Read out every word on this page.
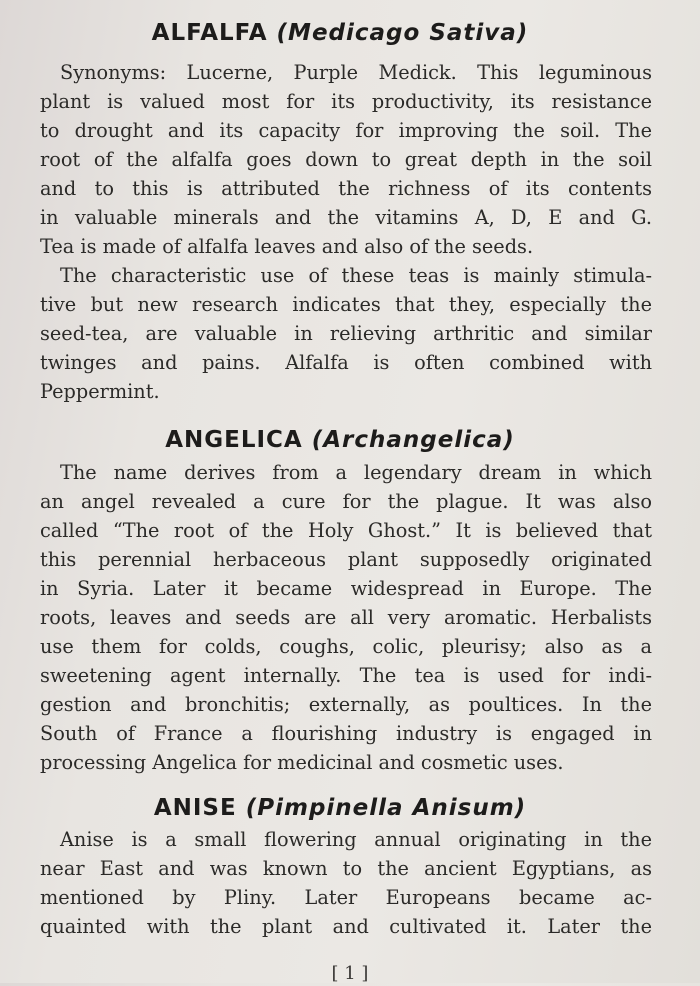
ALFALFA (Medicago Sativa)
Synonyms: Lucerne, Purple Medick. This leguminous
plant is valued most for its productivity, its resistance
to drought and its capacity for improving the soil. The
root of the alfalfa goes down to great depth in the soil
and to this is attributed the richness of its contents
in valuable minerals and the vitamins A, D, E and G.
Tea is made of alfalfa leaves and also of the seeds.
The characteristic use of these teas is mainly stimula-
tive but new research indicates that they, especially the
seed-tea, are valuable in relieving arthritic and similar
twinges and pains. Alfalfa is often combined with
Peppermint.
ANGELICA (Archangelica)
The name derives from a legendary dream in which
an angel revealed a cure for the plague. It was also
called “The root of the Holy Ghost.” It is believed that
this perennial herbaceous plant supposedly originated
in Syria. Later it became widespread in Europe. The
roots, leaves and seeds are all very aromatic. Herbalists
use them for colds, coughs, colic, pleurisy; also as a
sweetening agent internally. The tea is used for indi-
gestion and bronchitis; externally, as poultices. In the
South of France a flourishing industry is engaged in
processing Angelica for medicinal and cosmetic uses.
ANISE (Pimpinella Anisum)
Anise is a small flowering annual originating in the
near East and was known to the ancient Egyptians, as
mentioned by Pliny. Later Europeans became ac-
quainted with the plant and cultivated it. Later the
[ 1 ]
